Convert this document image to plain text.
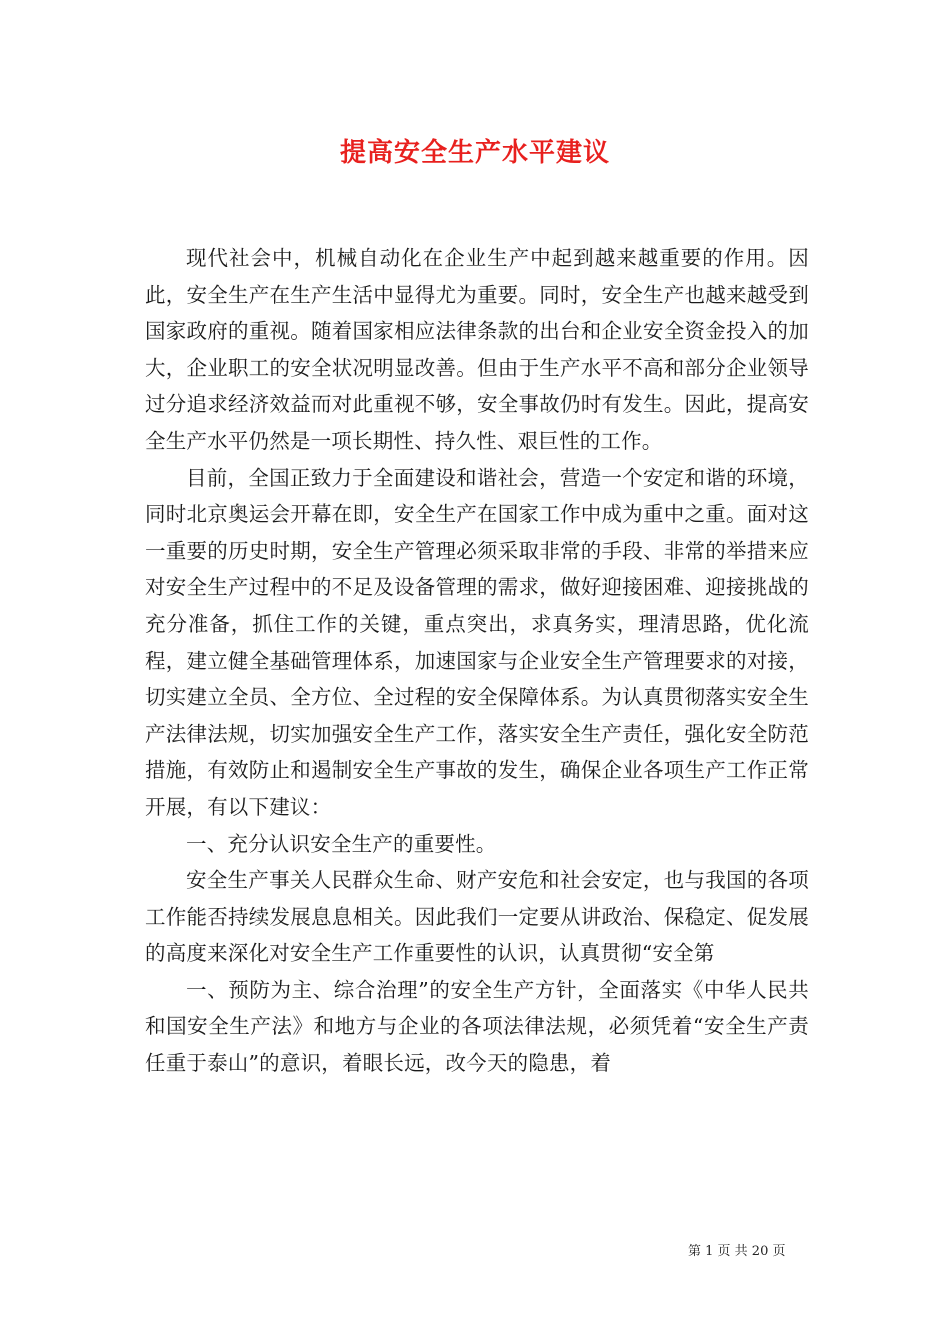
提高安全生产水平建议

现代社会中，机械自动化在企业生产中起到越来越重要的作用。因此，安全生产在生产生活中显得尤为重要。同时，安全生产也越来越受到国家政府的重视。随着国家相应法律条款的出台和企业安全资金投入的加大，企业职工的安全状况明显改善。但由于生产水平不高和部分企业领导过分追求经济效益而对此重视不够，安全事故仍时有发生。因此，提高安全生产水平仍然是一项长期性、持久性、艰巨性的工作。

目前，全国正致力于全面建设和谐社会，营造一个安定和谐的环境，同时北京奥运会开幕在即，安全生产在国家工作中成为重中之重。面对这一重要的历史时期，安全生产管理必须采取非常的手段、非常的举措来应对安全生产过程中的不足及设备管理的需求，做好迎接困难、迎接挑战的充分准备，抓住工作的关键，重点突出，求真务实，理清思路，优化流程，建立健全基础管理体系，加速国家与企业安全生产管理要求的对接，切实建立全员、全方位、全过程的安全保障体系。为认真贯彻落实安全生产法律法规，切实加强安全生产工作，落实安全生产责任，强化安全防范措施，有效防止和遏制安全生产事故的发生，确保企业各项生产工作正常开展，有以下建议：

一、充分认识安全生产的重要性。

安全生产事关人民群众生命、财产安危和社会安定，也与我国的各项工作能否持续发展息息相关。因此我们一定要从讲政治、保稳定、促发展的高度来深化对安全生产工作重要性的认识，认真贯彻“安全第

一、预防为主、综合治理”的安全生产方针，全面落实《中华人民共和国安全生产法》和地方与企业的各项法律法规，必须凭着“安全生产责任重于泰山”的意识，着眼长远，改今天的隐患，着

第 1 页 共 20 页
